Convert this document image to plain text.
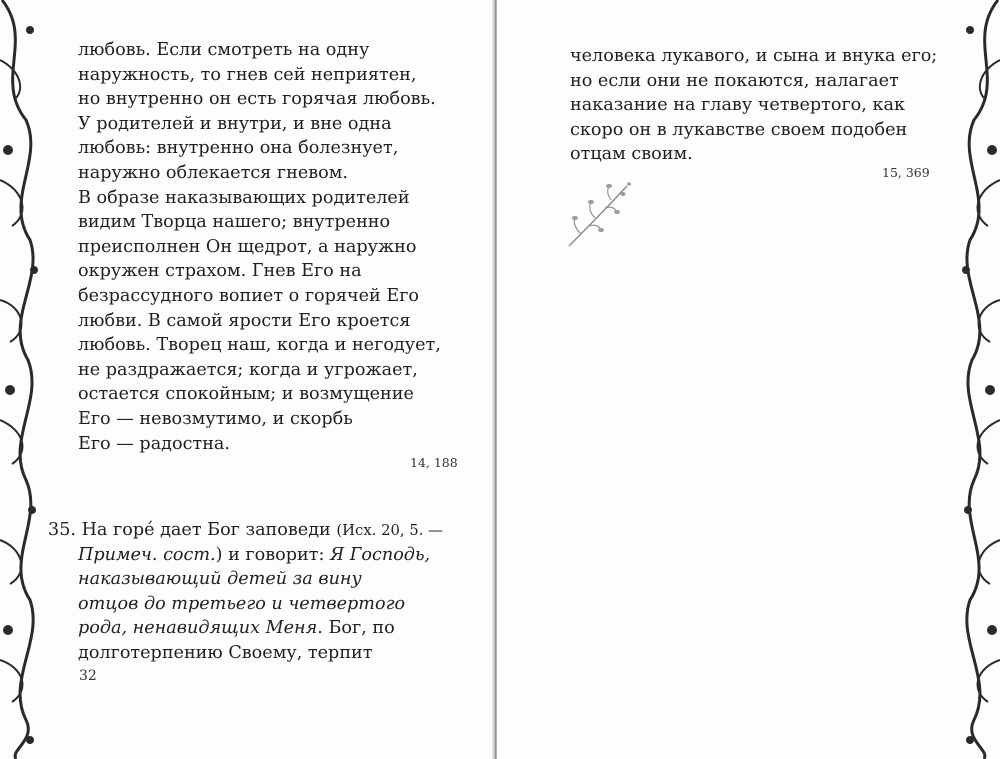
любовь. Если смотреть на одну
наружность, то гнев сей неприятен,
но внутренно он есть горячая любовь.
У родителей и внутри, и вне одна
любовь: внутренно она болезнует,
наружно облекается гневом.
В образе наказывающих родителей
видим Творца нашего; внутренно
преисполнен Он щедрот, а наружно
окружен страхом. Гнев Его на
безрассудного вопиет о горячей Его
любви. В самой ярости Его кроется
любовь. Творец наш, когда и негодует,
не раздражается; когда и угрожает,
остается спокойным; и возмущение
Его — невозмутимо, и скорбь
Его — радостна.
14, 188
35. На горé дает Бог заповеди (Исх. 20, 5. —
Примеч. сост.) и говорит: Я Господь,
наказывающий детей за вину
отцов до третьего и четвертого
рода, ненавидящих Меня. Бог, по
долготерпению Своему, терпит
32
человека лукавого, и сына и внука его;
но если они не покаются, налагает
наказание на главу четвертого, как
скоро он в лукавстве своем подобен
отцам своим.
15, 369
